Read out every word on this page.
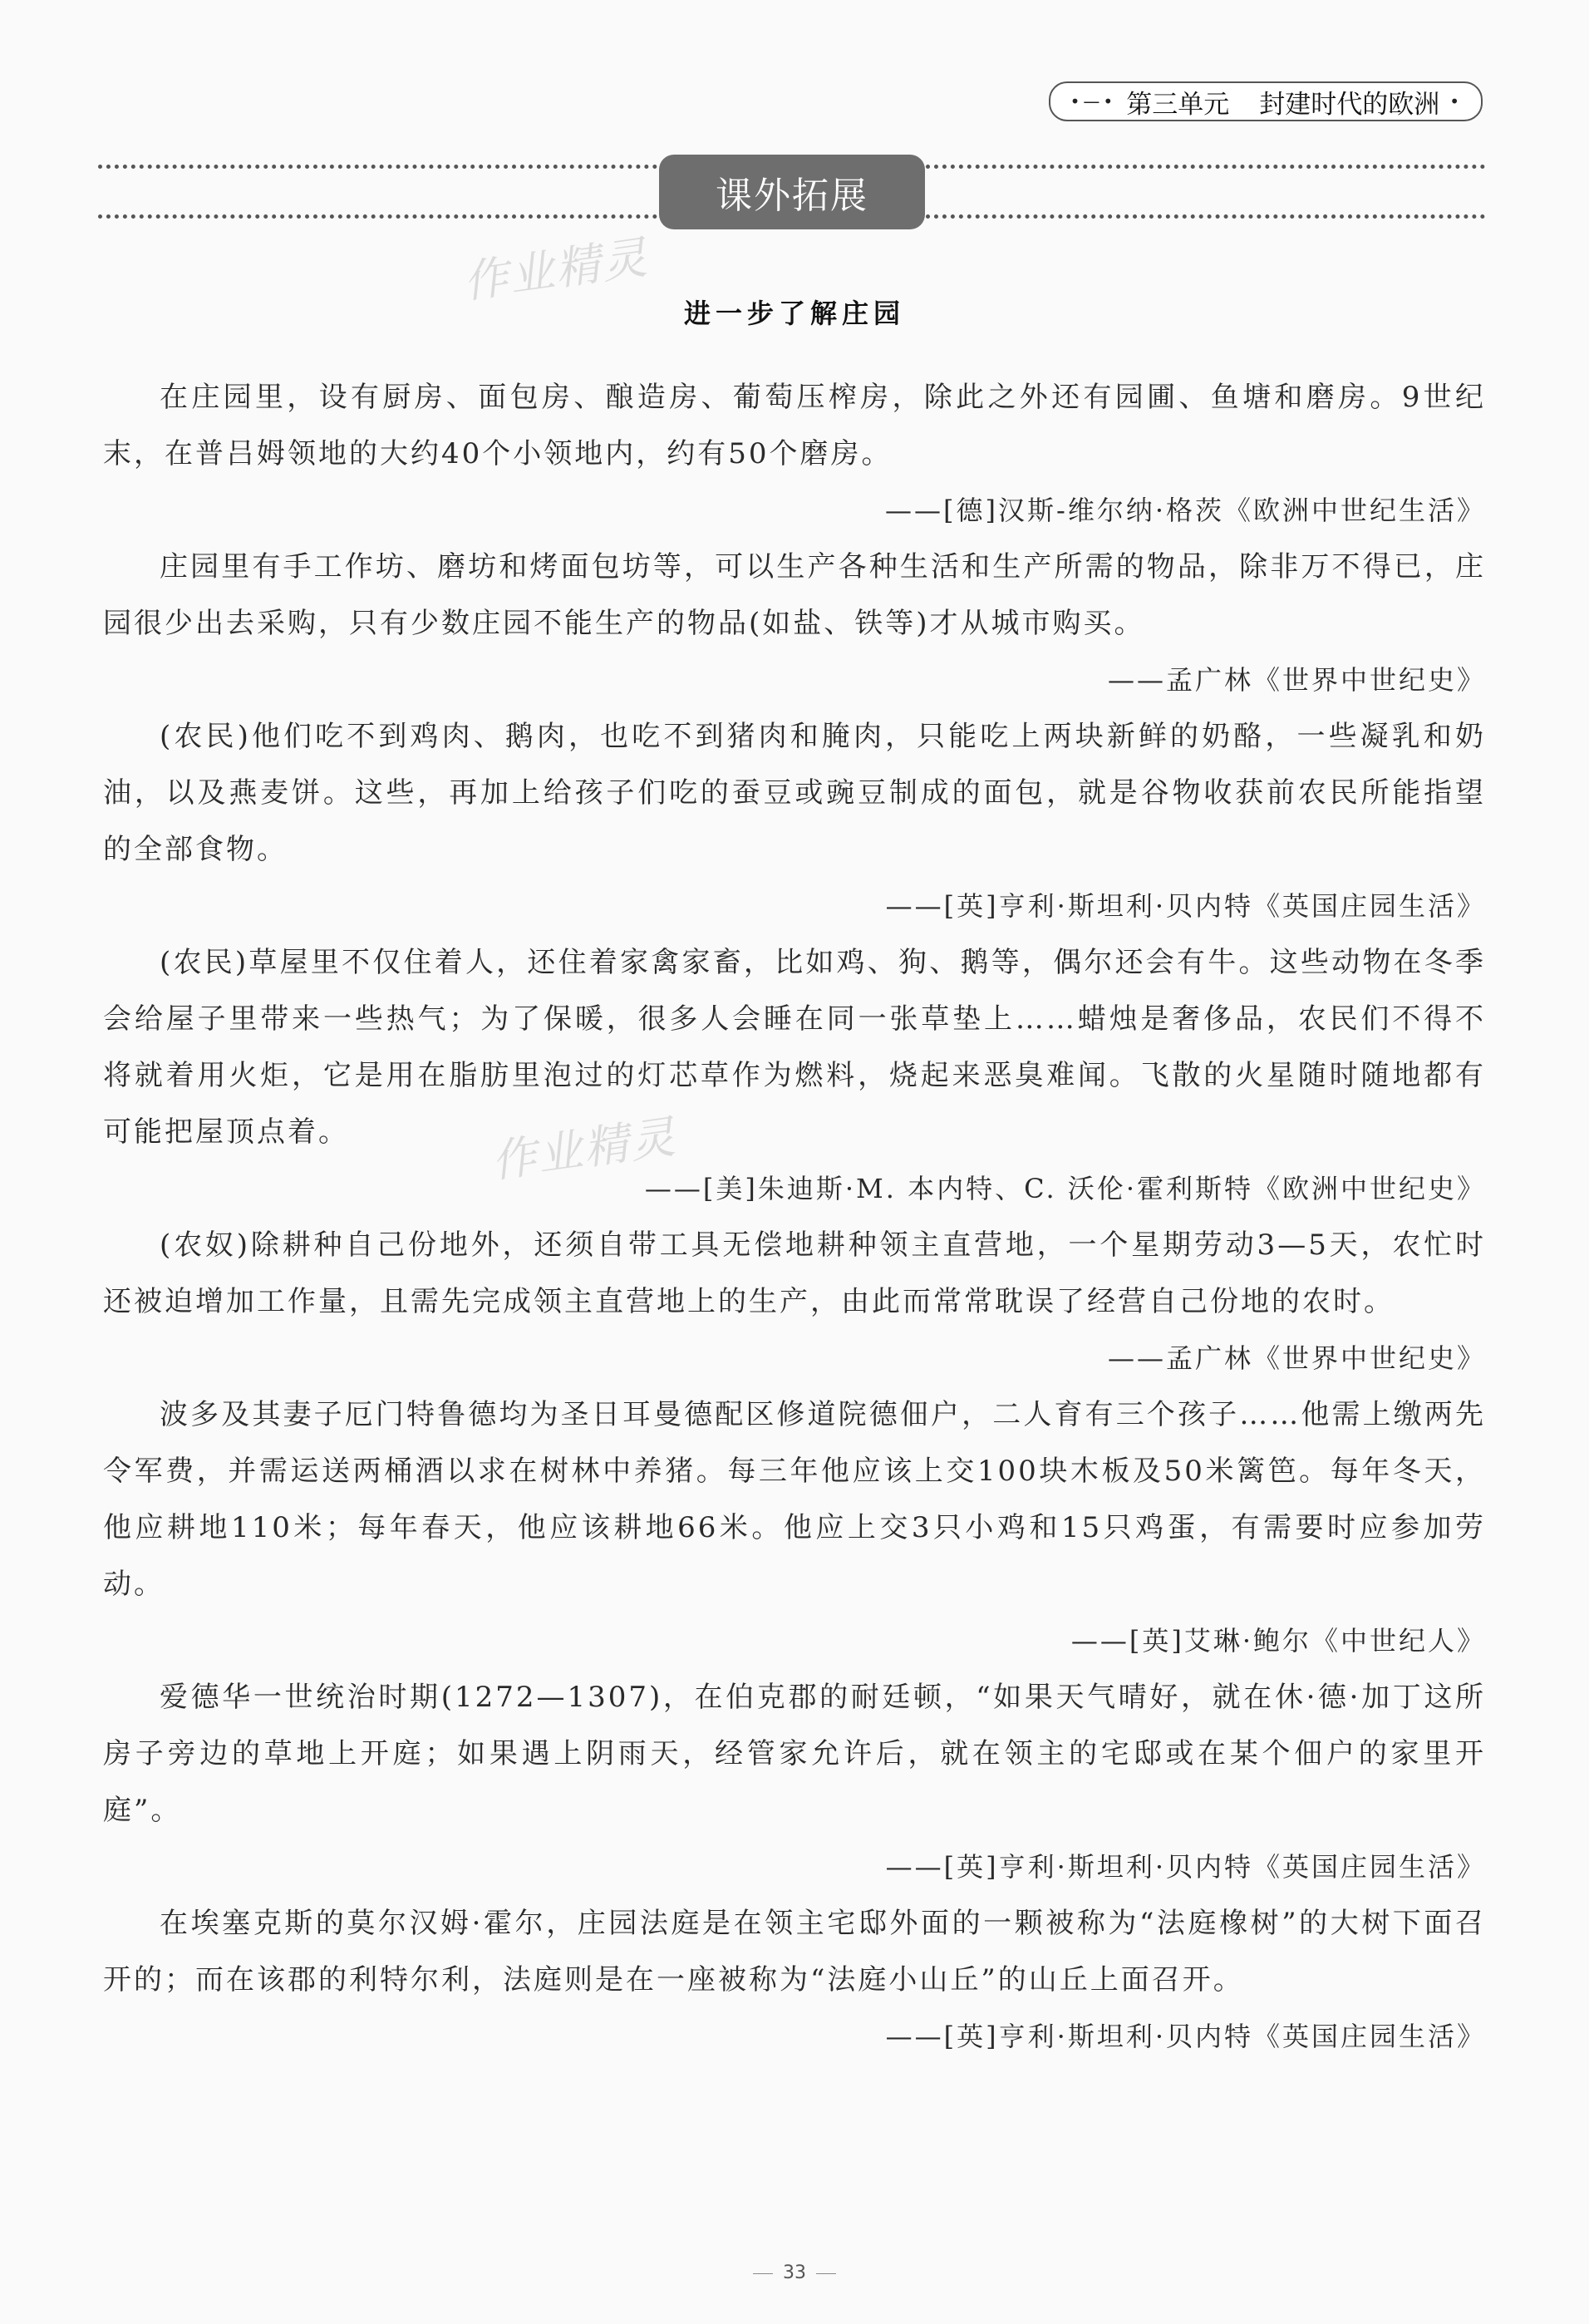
•—• 第三单元 封建时代的欧洲 •
课外拓展
作业精灵
作业精灵
进一步了解庄园

在庄园里，设有厨房、面包房、酿造房、葡萄压榨房，除此之外还有园圃、鱼塘和磨房。9世纪末，在普吕姆领地的大约40个小领地内，约有50个磨房。

——[德]汉斯-维尔纳·格茨《欧洲中世纪生活》

庄园里有手工作坊、磨坊和烤面包坊等，可以生产各种生活和生产所需的物品，除非万不得已，庄园很少出去采购，只有少数庄园不能生产的物品(如盐、铁等)才从城市购买。

——孟广林《世界中世纪史》

(农民)他们吃不到鸡肉、鹅肉，也吃不到猪肉和腌肉，只能吃上两块新鲜的奶酪，一些凝乳和奶油，以及燕麦饼。这些，再加上给孩子们吃的蚕豆或豌豆制成的面包，就是谷物收获前农民所能指望的全部食物。

——[英]亨利·斯坦利·贝内特《英国庄园生活》

(农民)草屋里不仅住着人，还住着家禽家畜，比如鸡、狗、鹅等，偶尔还会有牛。这些动物在冬季会给屋子里带来一些热气；为了保暖，很多人会睡在同一张草垫上……蜡烛是奢侈品，农民们不得不将就着用火炬，它是用在脂肪里泡过的灯芯草作为燃料，烧起来恶臭难闻。飞散的火星随时随地都有可能把屋顶点着。

——[美]朱迪斯·M. 本内特、C. 沃伦·霍利斯特《欧洲中世纪史》

(农奴)除耕种自己份地外，还须自带工具无偿地耕种领主直营地，一个星期劳动3—5天，农忙时还被迫增加工作量，且需先完成领主直营地上的生产，由此而常常耽误了经营自己份地的农时。

——孟广林《世界中世纪史》

波多及其妻子厄门特鲁德均为圣日耳曼德配区修道院德佃户，二人育有三个孩子……他需上缴两先令军费，并需运送两桶酒以求在树林中养猪。每三年他应该上交100块木板及50米篱笆。每年冬天，他应耕地110米；每年春天，他应该耕地66米。他应上交3只小鸡和15只鸡蛋，有需要时应参加劳动。

——[英]艾琳·鲍尔《中世纪人》

爱德华一世统治时期(1272—1307)，在伯克郡的耐廷顿，“如果天气晴好，就在休·德·加丁这所房子旁边的草地上开庭；如果遇上阴雨天，经管家允许后，就在领主的宅邸或在某个佃户的家里开庭”。

——[英]亨利·斯坦利·贝内特《英国庄园生活》

在埃塞克斯的莫尔汉姆·霍尔，庄园法庭是在领主宅邸外面的一颗被称为“法庭橡树”的大树下面召开的；而在该郡的利特尔利，法庭则是在一座被称为“法庭小山丘”的山丘上面召开。

——[英]亨利·斯坦利·贝内特《英国庄园生活》

33
